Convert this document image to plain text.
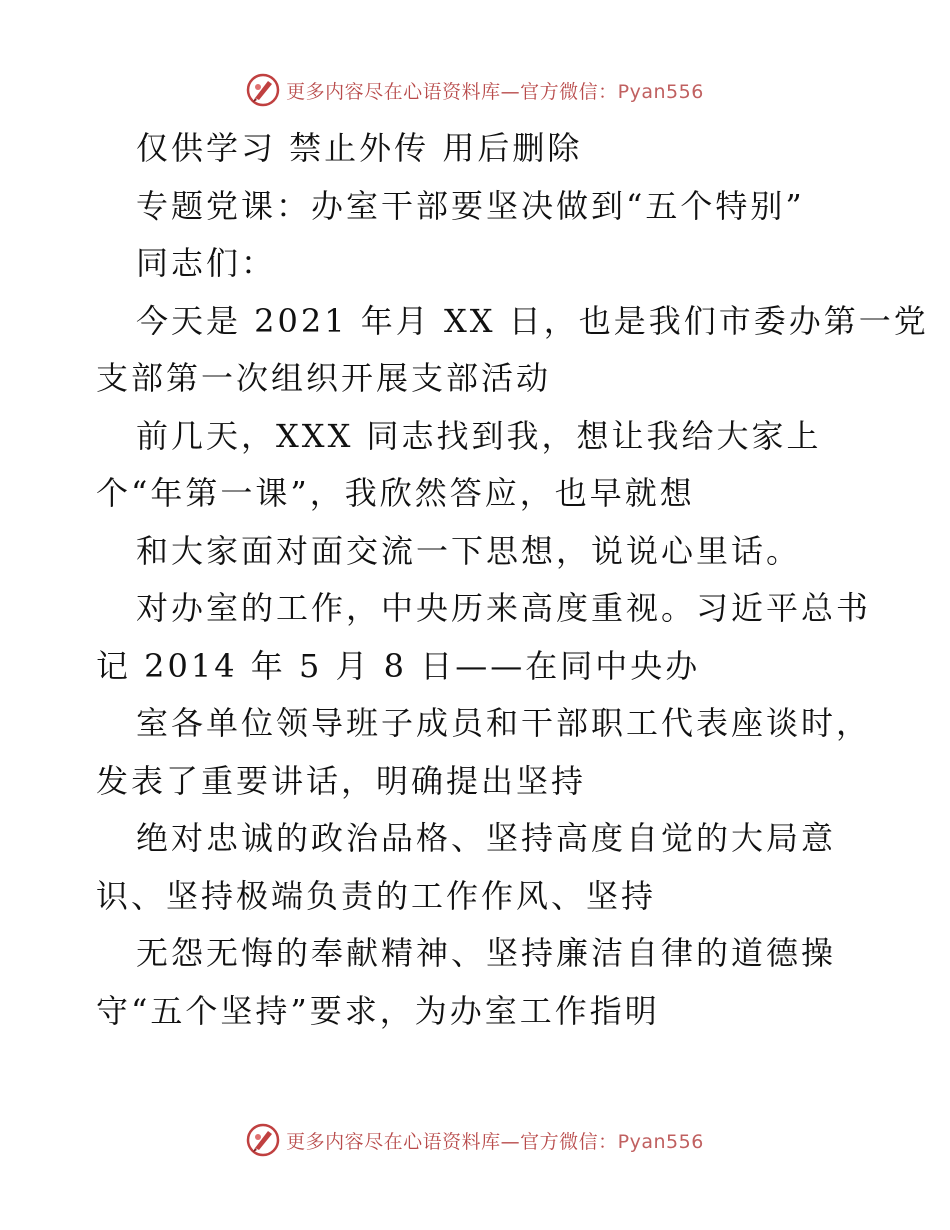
更多内容尽在心语资料库—官方微信：Pyan556
仅供学习 禁止外传 用后删除
专题党课：办室干部要坚决做到“五个特别”
同志们：
今天是 2021 年月 XX 日，也是我们市委办第一党
支部第一次组织开展支部活动
前几天，XXX 同志找到我，想让我给大家上
个“年第一课”，我欣然答应，也早就想
和大家面对面交流一下思想，说说心里话。
对办室的工作，中央历来高度重视。习近平总书
记 2014 年 5 月 8 日——在同中央办
室各单位领导班子成员和干部职工代表座谈时，
发表了重要讲话，明确提出坚持
绝对忠诚的政治品格、坚持高度自觉的大局意
识、坚持极端负责的工作作风、坚持
无怨无悔的奉献精神、坚持廉洁自律的道德操
守“五个坚持”要求，为办室工作指明
更多内容尽在心语资料库—官方微信：Pyan556
